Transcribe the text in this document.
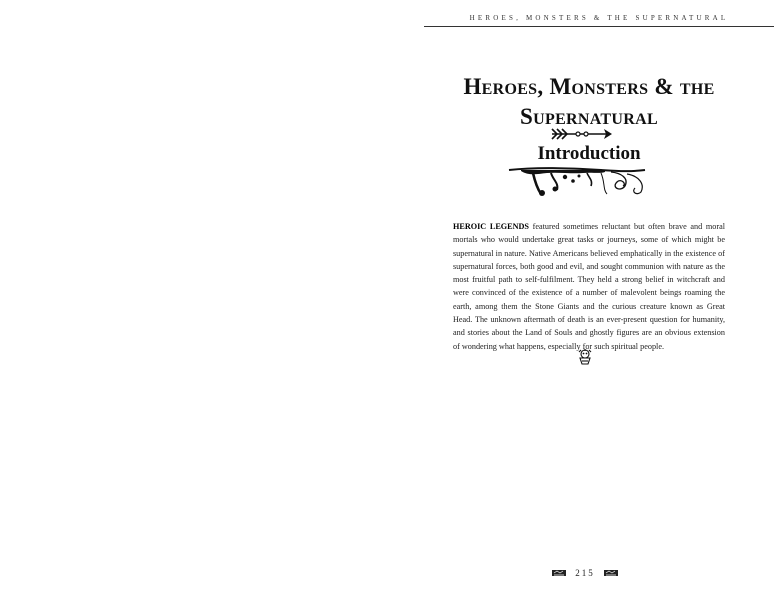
HEROES, MONSTERS & THE SUPERNATURAL
Heroes, Monsters & the Supernatural
Introduction

HEROIC LEGENDS featured sometimes reluctant but often brave and moral mortals who would undertake great tasks or journeys, some of which might be supernatural in nature. Native Americans believed emphatically in the existence of supernatural forces, both good and evil, and sought communion with nature as the most fruitful path to self-fulfilment. They held a strong belief in witchcraft and were convinced of the existence of a number of malevolent beings roaming the earth, among them the Stone Giants and the curious creature known as Great Head. The unknown aftermath of death is an ever-present question for humanity, and stories about the Land of Souls and ghostly figures are an obvious extension of wondering what happens, especially for such spiritual people.

215
